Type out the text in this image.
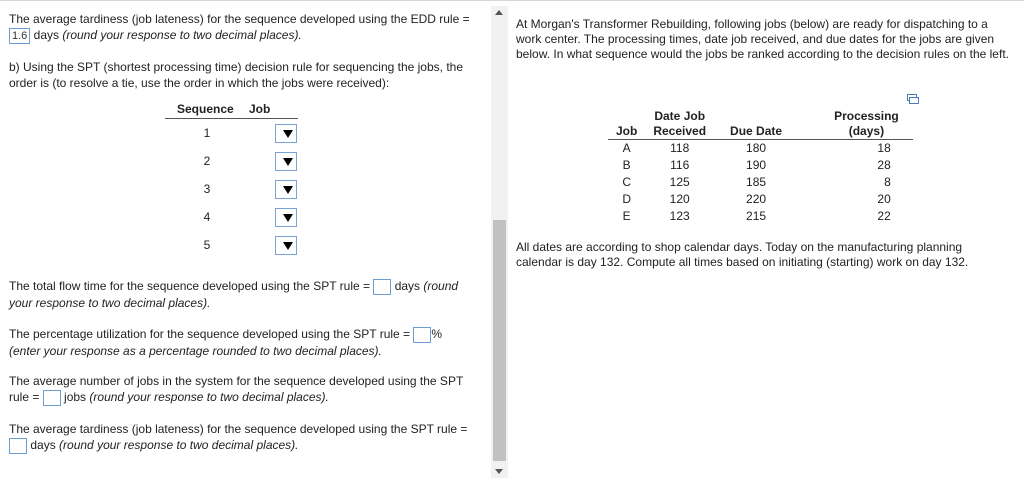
The average tardiness (job lateness) for the sequence developed using the EDD rule =
1.6 days (round your response to two decimal places).

b) Using the SPT (shortest processing time) decision rule for sequencing the jobs, the order is (to resolve a tie, use the order in which the jobs were received):

Sequence	Job
1	

2	

3	

4	

5	

The total flow time for the sequence developed using the SPT rule = days (round
your response to two decimal places).

The percentage utilization for the sequence developed using the SPT rule = %
(enter your response as a percentage rounded to two decimal places).

The average number of jobs in the system for the sequence developed using the SPT
rule = jobs (round your response to two decimal places).

The average tardiness (job lateness) for the sequence developed using the SPT rule =
days (round your response to two decimal places).

At Morgan's Transformer Rebuilding, following jobs (below) are ready for dispatching to a work center. The processing times, date job received, and due dates for the jobs are given below. In what sequence would the jobs be ranked according to the decision rules on the left.

All dates are according to shop calendar days. Today on the manufacturing planning calendar is day 132. Compute all times based on initiating (starting) work on day 132.

Job	Date Job
Received	Due Date	Processing
(days)
A	118	180	18
B	116	190	28
C	125	185	8
D	120	220	20
E	123	215	22
